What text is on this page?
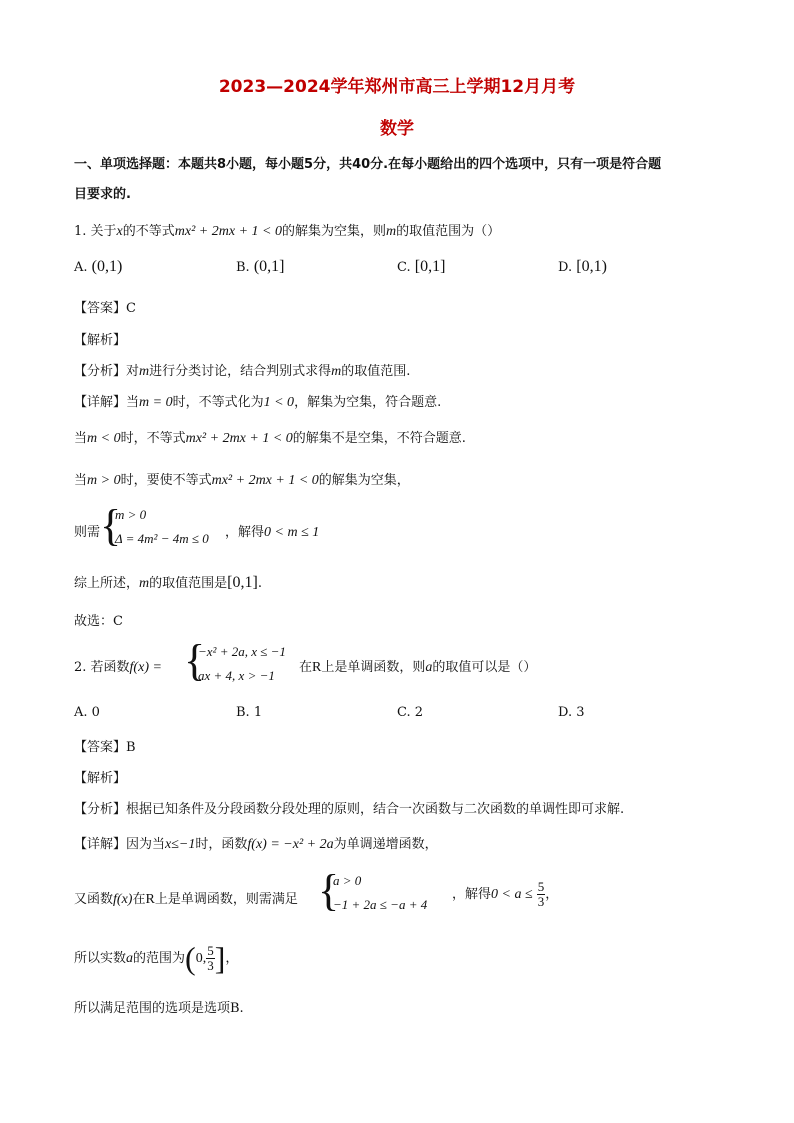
2023—2024学年郑州市高三上学期12月月考
数学
一、单项选择题：本题共8小题，每小题5分，共40分.在每小题给出的四个选项中，只有一项是符合题
目要求的.
1. 关于x的不等式mx² + 2mx + 1 < 0的解集为空集，则m的取值范围为（）
A. (0,1)	B. (0,1]	C. [0,1]	D. [0,1)
【答案】C
【解析】
【分析】对m进行分类讨论，结合判别式求得m的取值范围.
【详解】当m = 0时，不等式化为1 < 0，解集为空集，符合题意.
当m < 0时，不等式mx² + 2mx + 1 < 0的解集不是空集，不符合题意.
当m > 0时，要使不等式mx² + 2mx + 1 < 0的解集为空集，
则需 {
m > 0
Δ = 4m² − 4m ≤ 0 ，解得0 < m ≤ 1
综上所述，m的取值范围是[0,1].
故选：C
2. 若函数f(x) = {
−x² + 2a, x ≤ −1
ax + 4, x > −1
在R上是单调函数，则a的取值可以是（）
A. 0	B. 1	C. 2	D. 3
【答案】B
【解析】
【分析】根据已知条件及分段函数分段处理的原则，结合一次函数与二次函数的单调性即可求解.
【详解】因为当x≤−1时，函数f(x) = −x² + 2a为单调递增函数，
又函数f(x)在R上是单调函数，则需满足 {
a > 0
−1 + 2a ≤ −a + 4
，解得$0 < a \le \frac{5}{3}$ ，
所以实数a的范围为(0, $\frac{5}{3}$ ]，
所以满足范围的选项是选项B.
